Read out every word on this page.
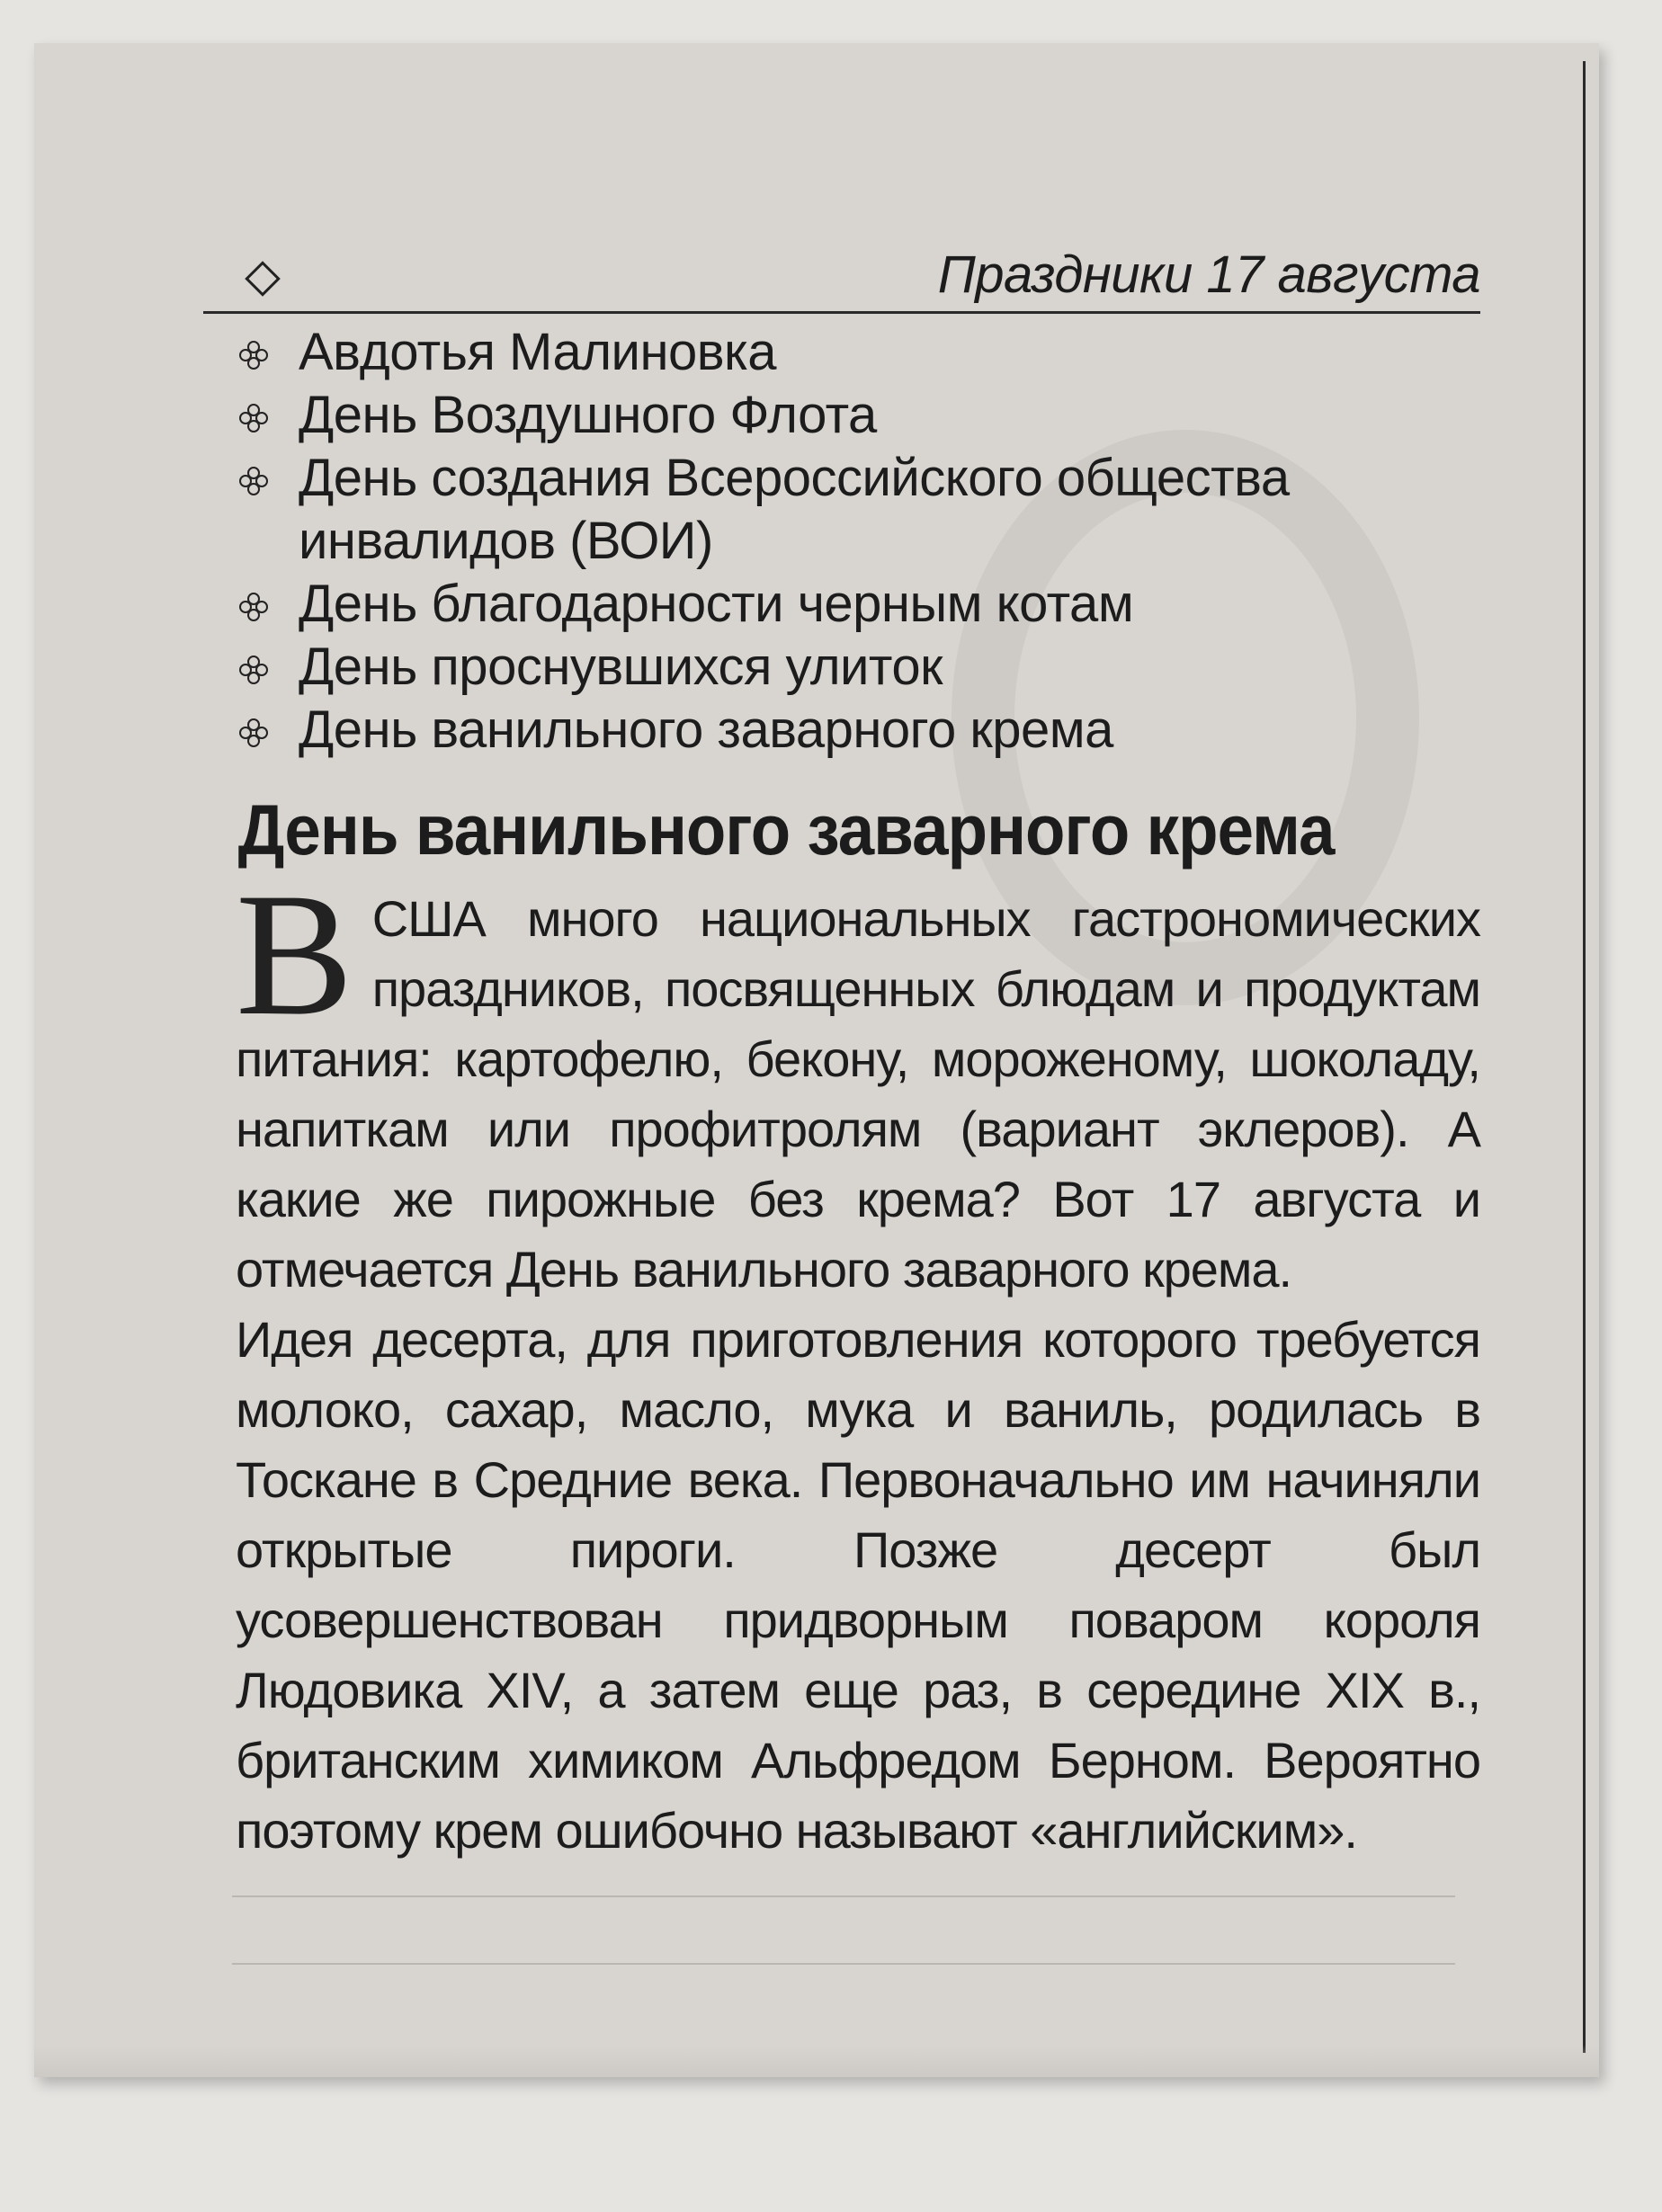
Праздники 17 августа
Авдотья Малиновка
День Воздушного Флота
День создания Всероссийского общества инвалидов (ВОИ)
День благодарности черным котам
День проснувшихся улиток
День ванильного заварного крема
День ванильного заварного крема

ВСША много национальных гастрономических праздников, посвященных блюдам и продуктам питания: картофелю, бекону, мороженому, шоколаду, напиткам или профитролям (вариант эклеров). А какие же пирожные без крема? Вот 17 августа и отмечается День ванильного заварного крема.

Идея десерта, для приготовления которого требуется молоко, сахар, масло, мука и ваниль, родилась в Тоскане в Средние века. Первоначально им начиняли открытые пироги. Позже десерт был усовершенствован придворным поваром короля Людовика XIV, а затем еще раз, в середине XIX в., британским химиком Альфредом Берном. Вероятно поэтому крем ошибочно называют «английским».
